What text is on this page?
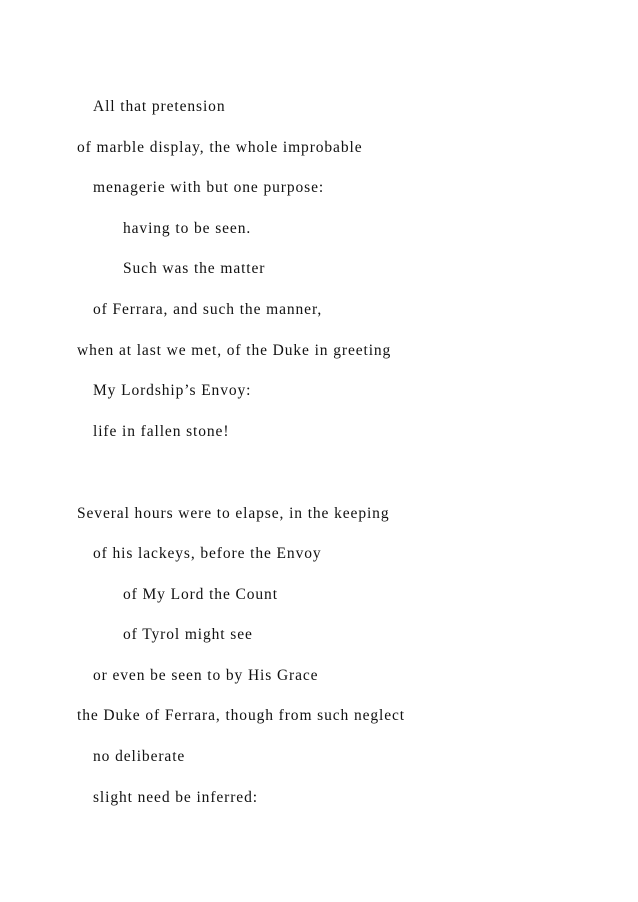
All that pretension
of marble display, the whole improbable
menagerie with but one purpose:
having to be seen.
Such was the matter
of Ferrara, and such the manner,
when at last we met, of the Duke in greeting
My Lordship’s Envoy:
life in fallen stone!
Several hours were to elapse, in the keeping
of his lackeys, before the Envoy
of My Lord the Count
of Tyrol might see
or even be seen to by His Grace
the Duke of Ferrara, though from such neglect
no deliberate
slight need be inferred:
